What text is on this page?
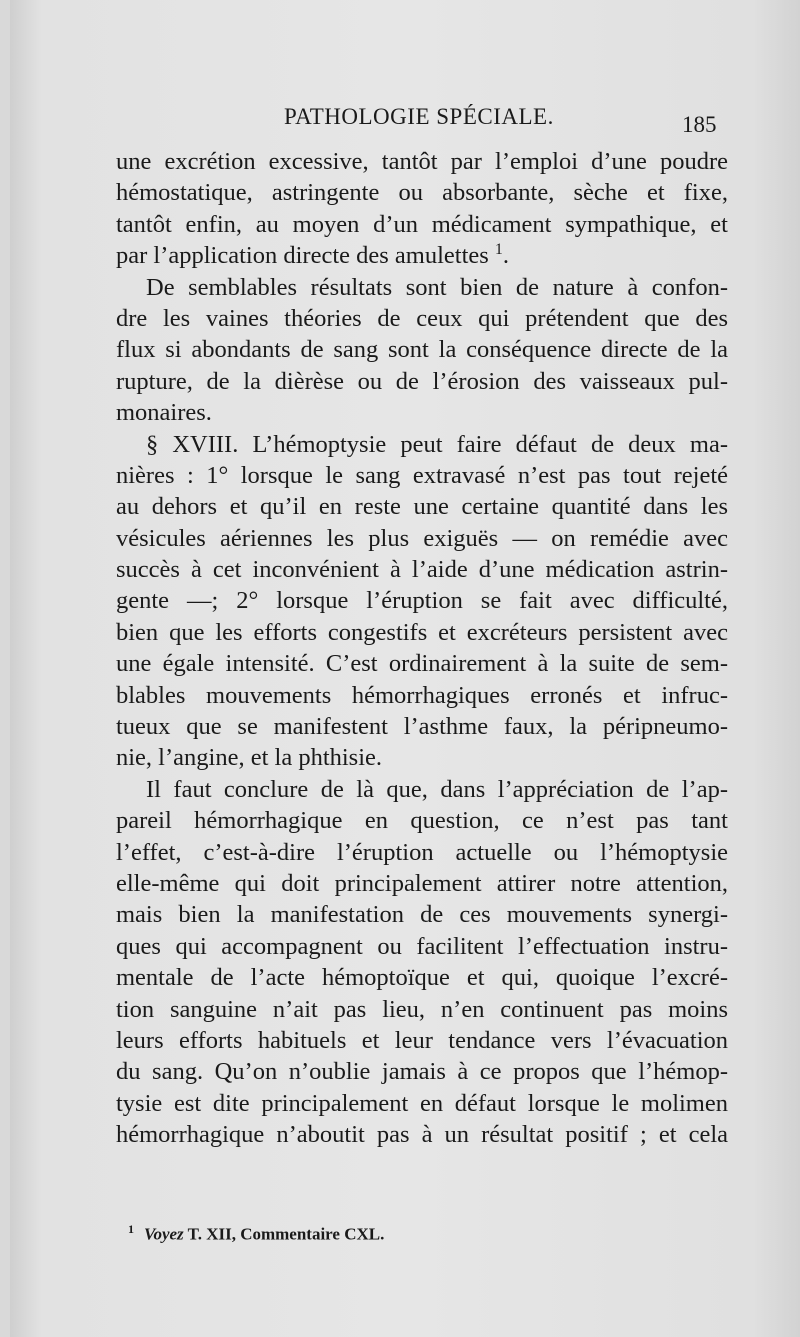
PATHOLOGIE SPÉCIALE.	185
une excrétion excessive, tantôt par l’emploi d’une poudre
hémostatique, astringente ou absorbante, sèche et fixe,
tantôt enfin, au moyen d’un médicament sympathique, et
par l’application directe des amulettes $^1$.
De semblables résultats sont bien de nature à confon-
dre les vaines théories de ceux qui prétendent que des
flux si abondants de sang sont la conséquence directe de la
rupture, de la dièrèse ou de l’érosion des vaisseaux pul-
monaires.
§ XVIII. L’hémoptysie peut faire défaut de deux ma-
nières : 1° lorsque le sang extravasé n’est pas tout rejeté
au dehors et qu’il en reste une certaine quantité dans les
vésicules aériennes les plus exiguës — on remédie avec
succès à cet inconvénient à l’aide d’une médication astrin-
gente —; 2° lorsque l’éruption se fait avec difficulté,
bien que les efforts congestifs et excréteurs persistent avec
une égale intensité. C’est ordinairement à la suite de sem-
blables mouvements hémorrhagiques erronés et infruc-
tueux que se manifestent l’asthme faux, la péripneumo-
nie, l’angine, et la phthisie.
Il faut conclure de là que, dans l’appréciation de l’ap-
pareil hémorrhagique en question, ce n’est pas tant
l’effet, c’est-à-dire l’éruption actuelle ou l’hémoptysie
elle-même qui doit principalement attirer notre attention,
mais bien la manifestation de ces mouvements synergi-
ques qui accompagnent ou facilitent l’effectuation instru-
mentale de l’acte hémoptoïque et qui, quoique l’excré-
tion sanguine n’ait pas lieu, n’en continuent pas moins
leurs efforts habituels et leur tendance vers l’évacuation
du sang. Qu’on n’oublie jamais à ce propos que l’hémop-
tysie est dite principalement en défaut lorsque le molimen
hémorrhagique n’aboutit pas à un résultat positif ; et cela
$^1$ Voyez T. XII, Commentaire CXL.
